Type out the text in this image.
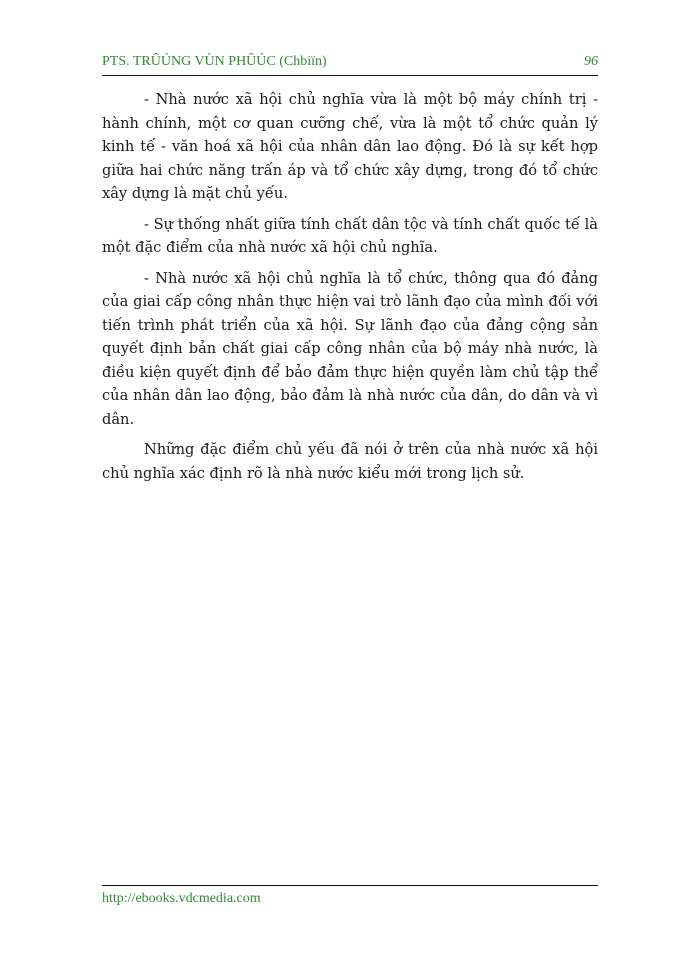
PTS. TRÛÚNG VÙN PHÛÚC (Chbiïn)	96

- Nhà nước xã hội chủ nghĩa vừa là một bộ máy chính trị - hành chính, một cơ quan cưỡng chế, vừa là một tổ chức quản lý kinh tế - văn hoá xã hội của nhân dân lao động. Đó là sự kết hợp giữa hai chức năng trấn áp và tổ chức xây dựng, trong đó tổ chức xây dựng là mặt chủ yếu.

- Sự thống nhất giữa tính chất dân tộc và tính chất quốc tế là một đặc điểm của nhà nước xã hội chủ nghĩa.

- Nhà nước xã hội chủ nghĩa là tổ chức, thông qua đó đảng của giai cấp công nhân thực hiện vai trò lãnh đạo của mình đối với tiến trình phát triển của xã hội. Sự lãnh đạo của đảng cộng sản quyết định bản chất giai cấp công nhân của bộ máy nhà nước, là điều kiện quyết định để bảo đảm thực hiện quyền làm chủ tập thể của nhân dân lao động, bảo đảm là nhà nước của dân, do dân và vì dân.

Những đặc điểm chủ yếu đã nói ở trên của nhà nước xã hội chủ nghĩa xác định rõ là nhà nước kiểu mới trong lịch sử.

http://ebooks.vdcmedia.com
